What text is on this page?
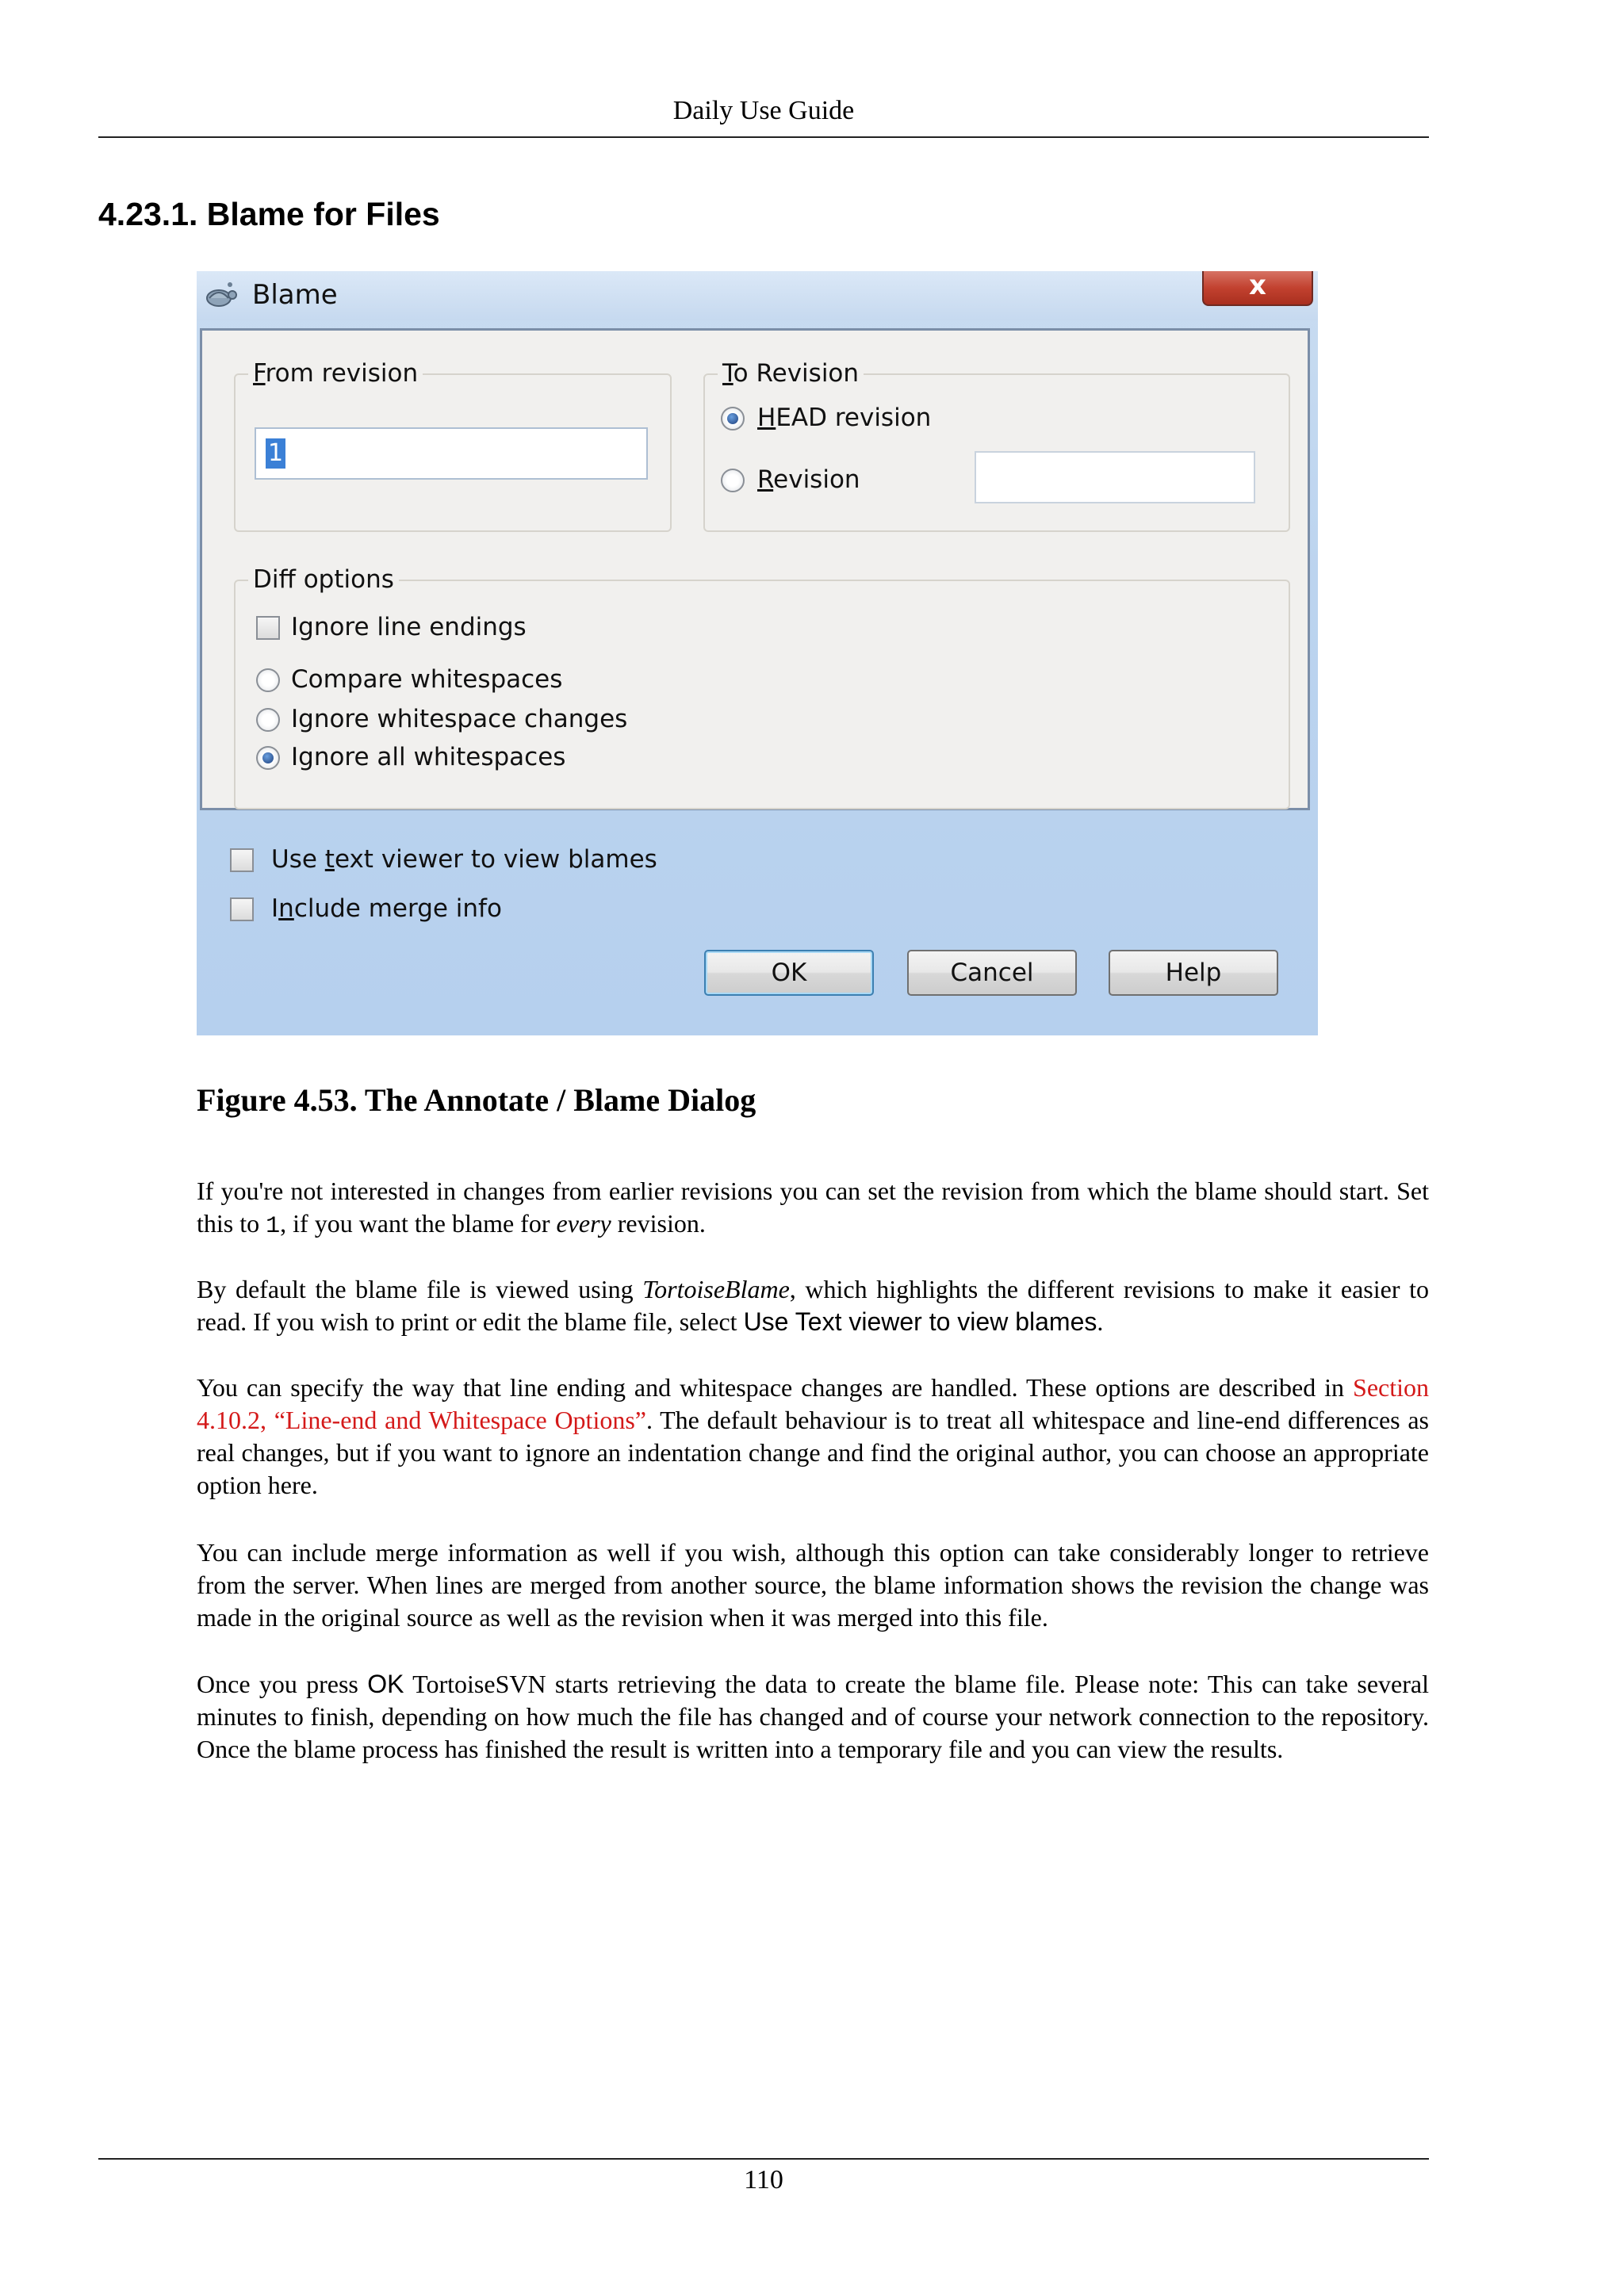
Daily Use Guide
4.23.1. Blame for Files
Blame	x
From revision
1
To Revision
HEAD revision
Revision
Diff options
Ignore line endings
Compare whitespaces
Ignore whitespace changes
Ignore all whitespaces
Use text viewer to view blames
Include merge info
OK	Cancel	Help
Figure 4.53. The Annotate / Blame Dialog

If you're not interested in changes from earlier revisions you can set the revision from which the blame should start. Set this to 1, if you want the blame for every revision.

By default the blame file is viewed using TortoiseBlame, which highlights the different revisions to make it easier to read. If you wish to print or edit the blame file, select Use Text viewer to view blames.

You can specify the way that line ending and whitespace changes are handled. These options are described in Section 4.10.2, “Line-end and Whitespace Options”. The default behaviour is to treat all whitespace and line-end differences as real changes, but if you want to ignore an indentation change and find the original author, you can choose an appropriate option here.

You can include merge information as well if you wish, although this option can take considerably longer to retrieve from the server. When lines are merged from another source, the blame information shows the revision the change was made in the original source as well as the revision when it was merged into this file.

Once you press OK TortoiseSVN starts retrieving the data to create the blame file. Please note: This can take several minutes to finish, depending on how much the file has changed and of course your network connection to the repository. Once the blame process has finished the result is written into a temporary file and you can view the results.

110
